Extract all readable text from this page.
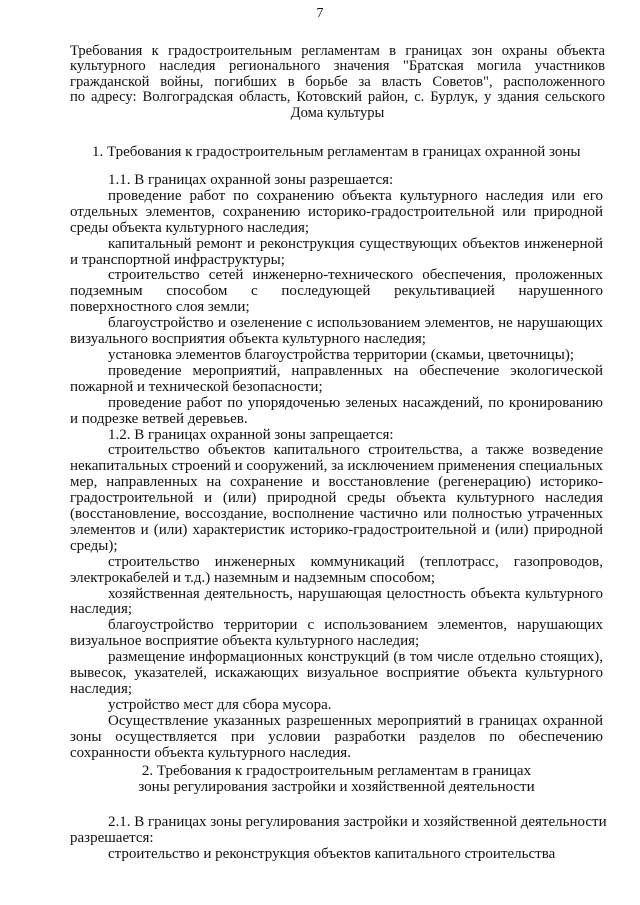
7
Требования к градостроительным регламентам в границах зон охраны объекта
культурного наследия регионального значения "Братская могила участников
гражданской войны, погибших в борьбе за власть Советов", расположенного
по адресу: Волгоградская область, Котовский район, с. Бурлук, у здания сельского
Дома культуры
1. Требования к градостроительным регламентам в границах охранной зоны
1.1. В границах охранной зоны разрешается:
проведение работ по сохранению объекта культурного наследия или его
отдельных элементов, сохранению историко-градостроительной или природной
среды объекта культурного наследия;
капитальный ремонт и реконструкция существующих объектов инженерной
и транспортной инфраструктуры;
строительство сетей инженерно-технического обеспечения, проложенных
подземным способом с последующей рекультивацией нарушенного
поверхностного слоя земли;
благоустройство и озеленение с использованием элементов, не нарушающих
визуального восприятия объекта культурного наследия;
установка элементов благоустройства территории (скамьи, цветочницы);
проведение мероприятий, направленных на обеспечение экологической
пожарной и технической безопасности;
проведение работ по упорядоченью зеленых насаждений, по кронированию
и подрезке ветвей деревьев.
1.2. В границах охранной зоны запрещается:
строительство объектов капитального строительства, а также возведение
некапитальных строений и сооружений, за исключением применения специальных
мер, направленных на сохранение и восстановление (регенерацию) историко-
градостроительной и (или) природной среды объекта культурного наследия
(восстановление, воссоздание, восполнение частично или полностью утраченных
элементов и (или) характеристик историко-градостроительной и (или) природной
среды);
строительство инженерных коммуникаций (теплотрасс, газопроводов,
электрокабелей и т.д.) наземным и надземным способом;
хозяйственная деятельность, нарушающая целостность объекта культурного
наследия;
благоустройство территории с использованием элементов, нарушающих
визуальное восприятие объекта культурного наследия;
размещение информационных конструкций (в том числе отдельно стоящих),
вывесок, указателей, искажающих визуальное восприятие объекта культурного
наследия;
устройство мест для сбора мусора.
Осуществление указанных разрешенных мероприятий в границах охранной
зоны осуществляется при условии разработки разделов по обеспечению
сохранности объекта культурного наследия.
2. Требования к градостроительным регламентам в границах
зоны регулирования застройки и хозяйственной деятельности
2.1. В границах зоны регулирования застройки и хозяйственной деятельности
разрешается:
строительство и реконструкция объектов капитального строительства
